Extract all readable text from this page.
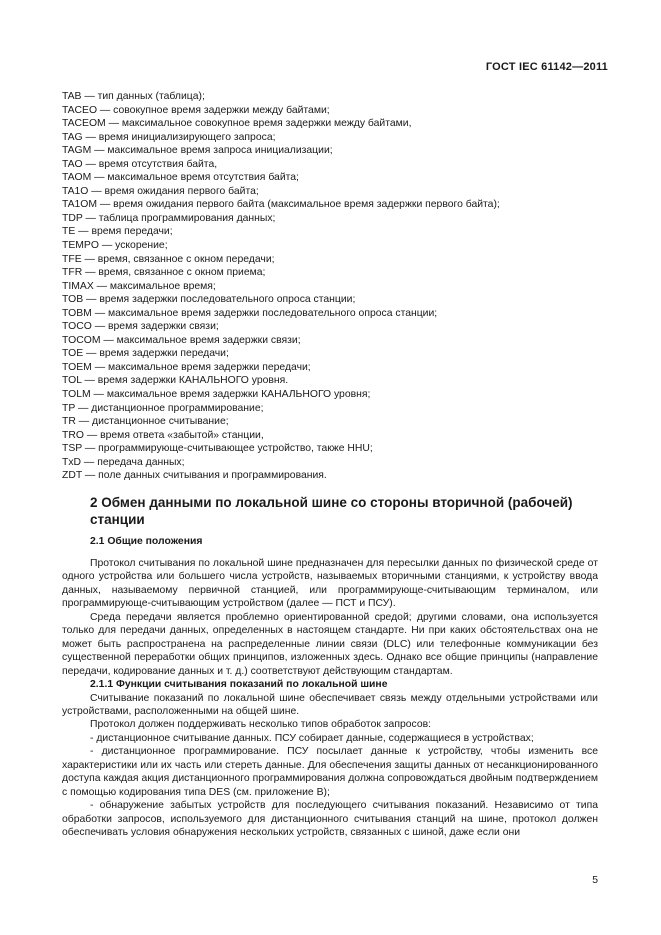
ГОСТ IEC 61142—2011
TAB — тип данных (таблица);
TACEO — совокупное время задержки между байтами;
TACEOM — максимальное совокупное время задержки между байтами,
TAG — время инициализирующего запроса;
TAGM — максимальное время запроса инициализации;
TAO — время отсутствия байта,
TAOM — максимальное время отсутствия байта;
TA1O — время ожидания первого байта;
TA1OM — время ожидания первого байта (максимальное время задержки первого байта);
TDP — таблица программирования данных;
TE — время передачи;
TEMPO — ускорение;
TFE — время, связанное с окном передачи;
TFR — время, связанное с окном приема;
TIMAX — максимальное время;
TOB — время задержки последовательного опроса станции;
TOBM — максимальное время задержки последовательного опроса станции;
TOCO — время задержки связи;
TOCOM — максимальное время задержки связи;
TOE — время задержки передачи;
TOEM — максимальное время задержки передачи;
TOL — время задержки КАНАЛЬНОГО уровня.
TOLM — максимальное время задержки КАНАЛЬНОГО уровня;
TP — дистанционное программирование;
TR — дистанционное считывание;
TRO — время ответа «забытой» станции,
TSP — программирующе-считывающее устройство, также HHU;
TxD — передача данных;
ZDT — поле данных считывания и программирования.
2 Обмен данными по локальной шине со стороны вторичной (рабочей) станции
2.1 Общие положения

Протокол считывания по локальной шине предназначен для пересылки данных по физической среде от одного устройства или большего числа устройств, называемых вторичными станциями, к устройству ввода данных, называемому первичной станцией, или программирующе-считывающим терминалом, или программирующе-считывающим устройством (далее — ПСТ и ПСУ).

Среда передачи является проблемно ориентированной средой; другими словами, она используется только для передачи данных, определенных в настоящем стандарте. Ни при каких обстоятельствах она не может быть распространена на распределенные линии связи (DLC) или телефонные коммуникации без существенной переработки общих принципов, изложенных здесь. Однако все общие принципы (направление передачи, кодирование данных и т. д.) соответствуют действующим стандартам.

2.1.1 Функции считывания показаний по локальной шине

Считывание показаний по локальной шине обеспечивает связь между отдельными устройствами или устройствами, расположенными на общей шине.

Протокол должен поддерживать несколько типов обработок запросов:

- дистанционное считывание данных. ПСУ собирает данные, содержащиеся в устройствах;

- дистанционное программирование. ПСУ посылает данные к устройству, чтобы изменить все характеристики или их часть или стереть данные. Для обеспечения защиты данных от несанкционированного доступа каждая акция дистанционного программирования должна сопровождаться двойным подтверждением с помощью кодирования типа DES (см. приложение В);

- обнаружение забытых устройств для последующего считывания показаний. Независимо от типа обработки запросов, используемого для дистанционного считывания станций на шине, протокол должен обеспечивать условия обнаружения нескольких устройств, связанных с шиной, даже если они

5
